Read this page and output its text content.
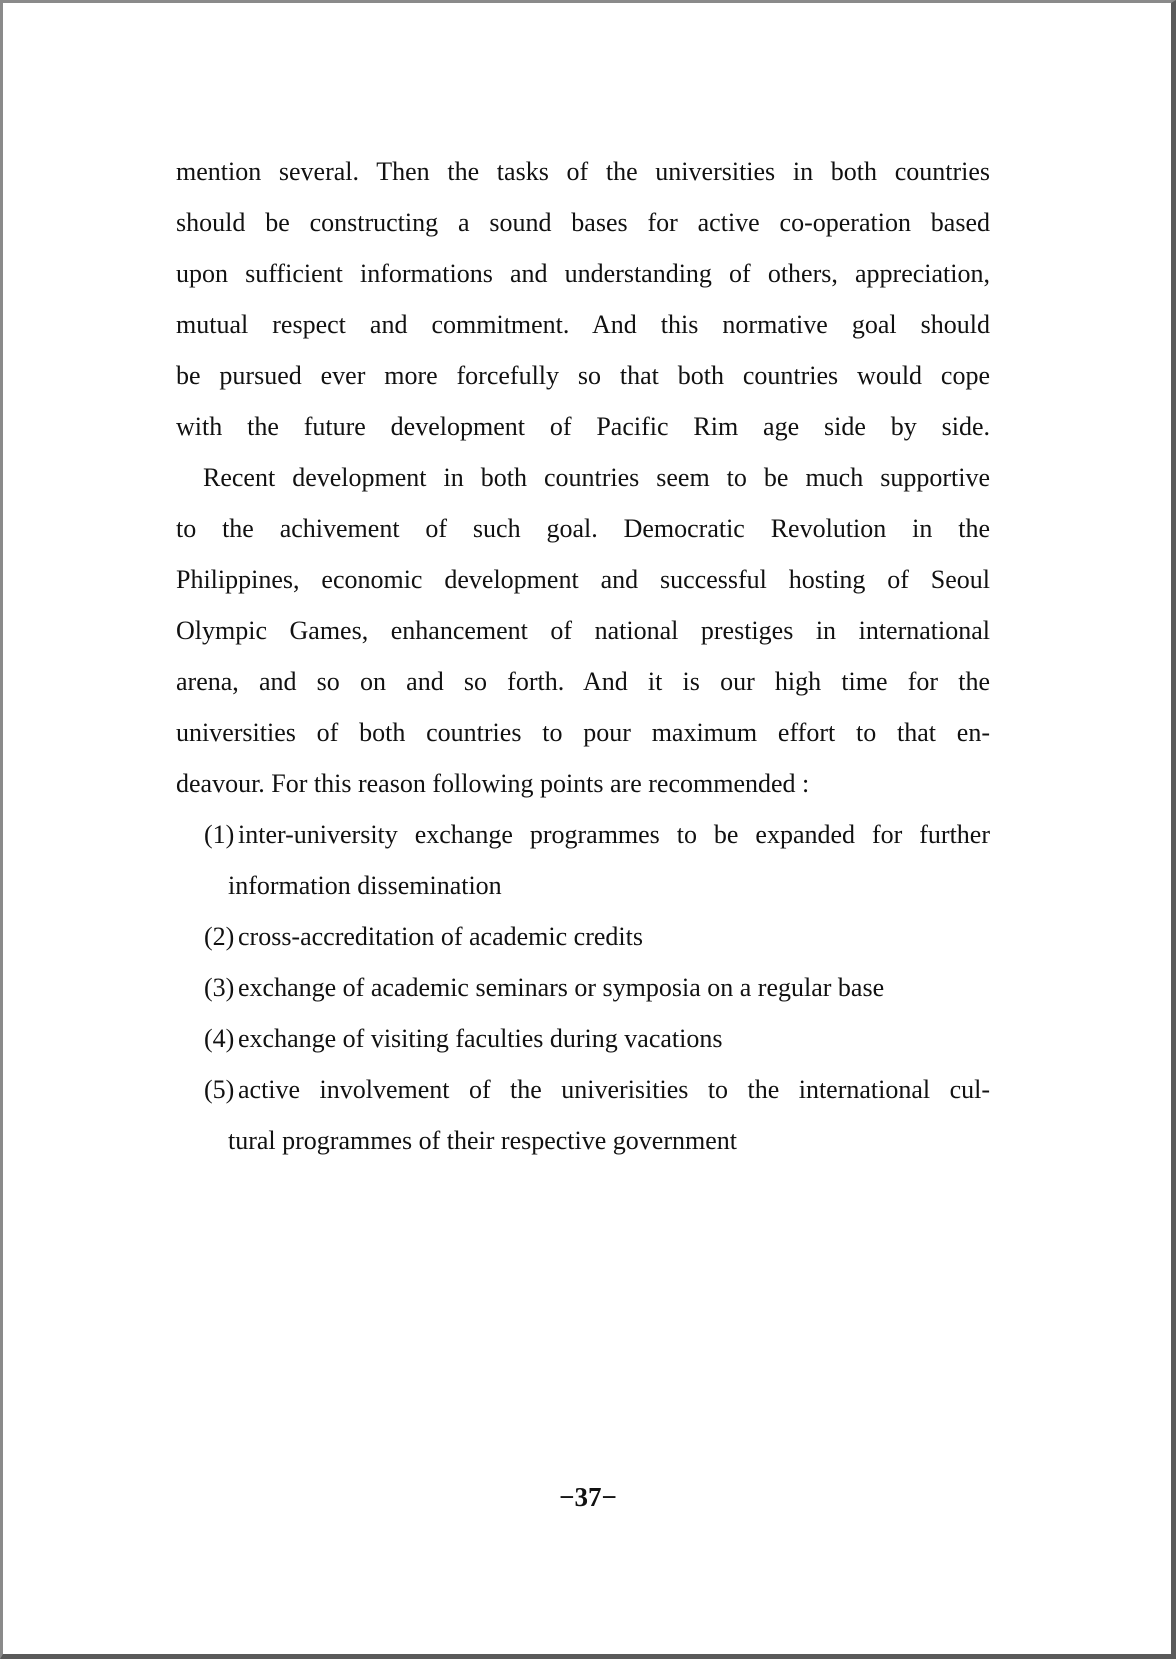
mention several. Then the tasks of the universities in both countries
should be constructing a sound bases for active co-operation based
upon sufficient informations and understanding of others, appreciation,
mutual respect and commitment. And this normative goal should
be pursued ever more forcefully so that both countries would cope
with the future development of Pacific Rim age side by side.
Recent development in both countries seem to be much supportive
to the achivement of such goal. Democratic Revolution in the
Philippines, economic development and successful hosting of Seoul
Olympic Games, enhancement of national prestiges in international
arena, and so on and so forth. And it is our high time for the
universities of both countries to pour maximum effort to that en-
deavour. For this reason following points are recommended :
(1) inter-university exchange programmes to be expanded for further
information dissemination
(2) cross-accreditation of academic credits
(3) exchange of academic seminars or symposia on a regular base
(4) exchange of visiting faculties during vacations
(5) active involvement of the univerisities to the international cul-
tural programmes of their respective government
−37−
